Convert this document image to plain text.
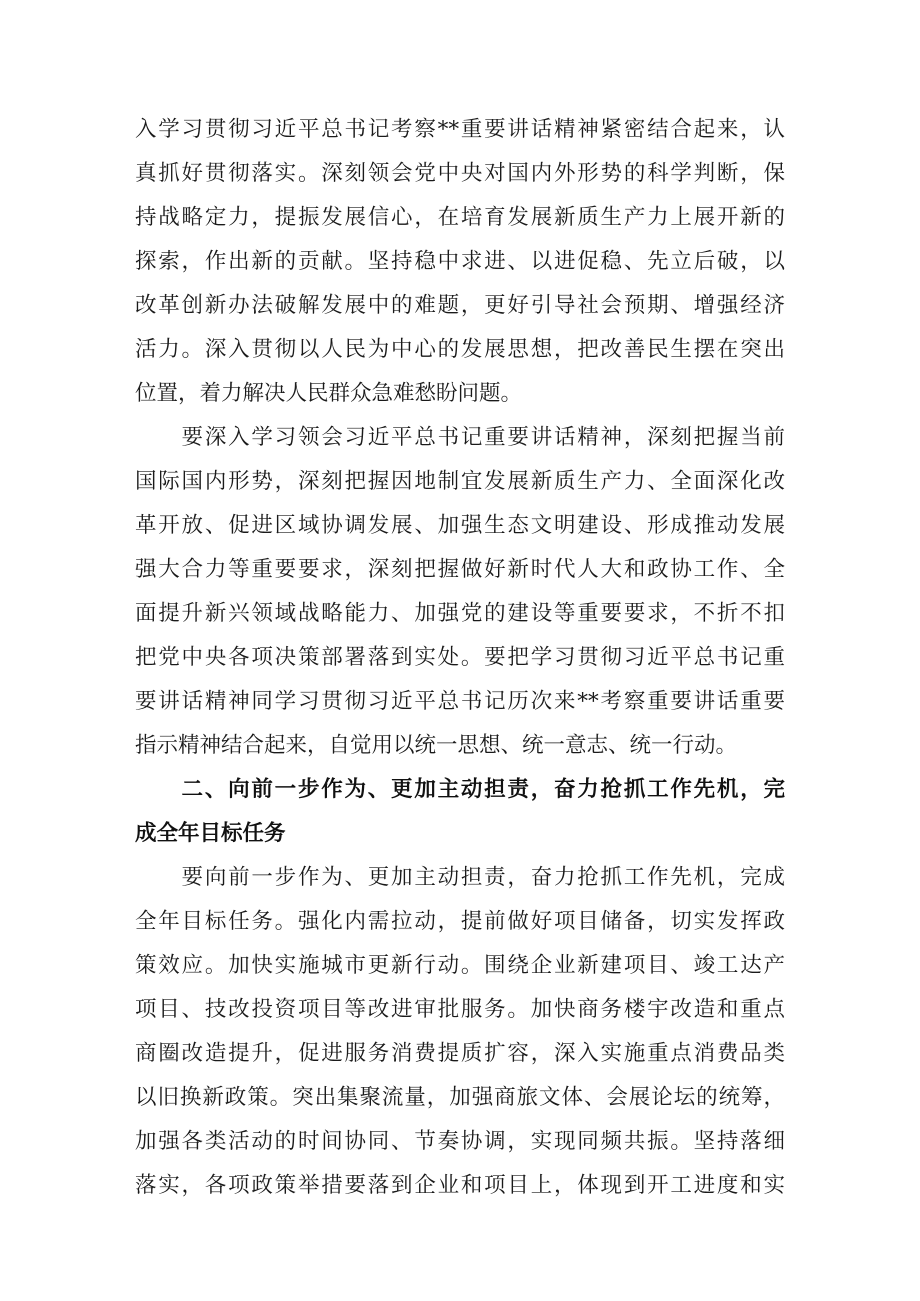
入学习贯彻习近平总书记考察**重要讲话精神紧密结合起来，认
真抓好贯彻落实。深刻领会党中央对国内外形势的科学判断，保
持战略定力，提振发展信心，在培育发展新质生产力上展开新的
探索，作出新的贡献。坚持稳中求进、以进促稳、先立后破，以
改革创新办法破解发展中的难题，更好引导社会预期、增强经济
活力。深入贯彻以人民为中心的发展思想，把改善民生摆在突出
位置，着力解决人民群众急难愁盼问题。

　　要深入学习领会习近平总书记重要讲话精神，深刻把握当前
国际国内形势，深刻把握因地制宜发展新质生产力、全面深化改
革开放、促进区域协调发展、加强生态文明建设、形成推动发展
强大合力等重要要求，深刻把握做好新时代人大和政协工作、全
面提升新兴领域战略能力、加强党的建设等重要要求，不折不扣
把党中央各项决策部署落到实处。要把学习贯彻习近平总书记重
要讲话精神同学习贯彻习近平总书记历次来**考察重要讲话重要
指示精神结合起来，自觉用以统一思想、统一意志、统一行动。

　　二、向前一步作为、更加主动担责，奋力抢抓工作先机，完
成全年目标任务

　　要向前一步作为、更加主动担责，奋力抢抓工作先机，完成
全年目标任务。强化内需拉动，提前做好项目储备，切实发挥政
策效应。加快实施城市更新行动。围绕企业新建项目、竣工达产
项目、技改投资项目等改进审批服务。加快商务楼宇改造和重点
商圈改造提升，促进服务消费提质扩容，深入实施重点消费品类
以旧换新政策。突出集聚流量，加强商旅文体、会展论坛的统筹，
加强各类活动的时间协同、节奏协调，实现同频共振。坚持落细
落实，各项政策举措要落到企业和项目上，体现到开工进度和实
